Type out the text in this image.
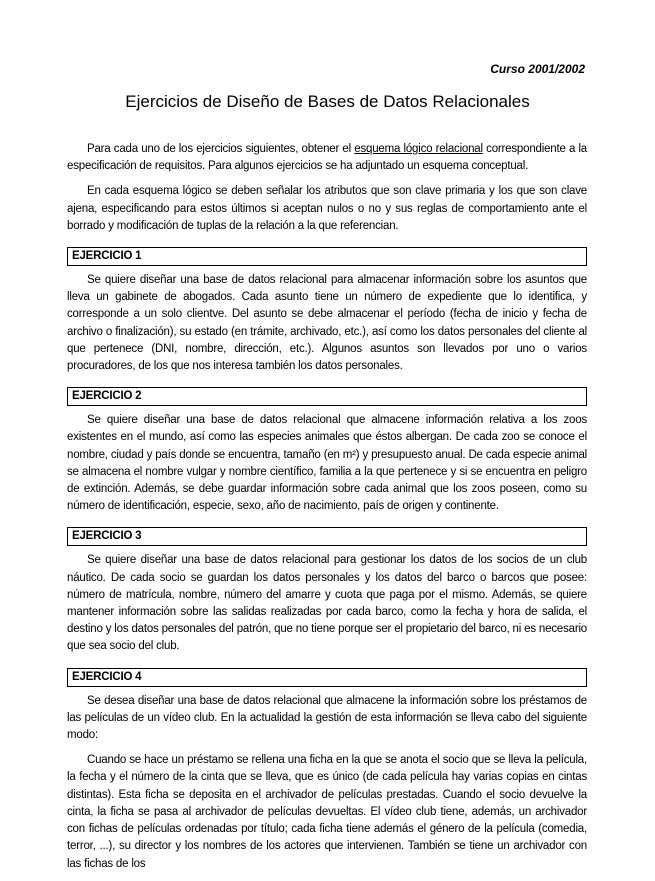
Curso 2001/2002
Ejercicios de Diseño de Bases de Datos Relacionales

Para cada uno de los ejercicios siguientes, obtener el esquema lógico relacional correspondiente a la especificación de requisitos. Para algunos ejercicios se ha adjuntado un esquema conceptual.

En cada esquema lógico se deben señalar los atributos que son clave primaria y los que son clave ajena, especificando para estos últimos si aceptan nulos o no y sus reglas de comportamiento ante el borrado y modificación de tuplas de la relación a la que referencian.

EJERCICIO 1

Se quiere diseñar una base de datos relacional para almacenar información sobre los asuntos que lleva un gabinete de abogados. Cada asunto tiene un número de expediente que lo identifica, y corresponde a un solo clientve. Del asunto se debe almacenar el período (fecha de inicio y fecha de archivo o finalización), su estado (en trámite, archivado, etc.), así como los datos personales del cliente al que pertenece (DNI, nombre, dirección, etc.). Algunos asuntos son llevados por uno o varios procuradores, de los que nos interesa también los datos personales.

EJERCICIO 2

Se quiere diseñar una base de datos relacional que almacene información relativa a los zoos existentes en el mundo, así como las especies animales que éstos albergan. De cada zoo se conoce el nombre, ciudad y país donde se encuentra, tamaño (en m²) y presupuesto anual. De cada especie animal se almacena el nombre vulgar y nombre científico, familia a la que pertenece y si se encuentra en peligro de extinción. Además, se debe guardar información sobre cada animal que los zoos poseen, como su número de identificación, especie, sexo, año de nacimiento, país de origen y continente.

EJERCICIO 3

Se quiere diseñar una base de datos relacional para gestionar los datos de los socios de un club náutico. De cada socio se guardan los datos personales y los datos del barco o barcos que posee: número de matrícula, nombre, número del amarre y cuota que paga por el mismo. Además, se quiere mantener información sobre las salidas realizadas por cada barco, como la fecha y hora de salida, el destino y los datos personales del patrón, que no tiene porque ser el propietario del barco, ni es necesario que sea socio del club.

EJERCICIO 4

Se desea diseñar una base de datos relacional que almacene la información sobre los préstamos de las películas de un vídeo club. En la actualidad la gestión de esta información se lleva cabo del siguiente modo:

Cuando se hace un préstamo se rellena una ficha en la que se anota el socio que se lleva la película, la fecha y el número de la cinta que se lleva, que es único (de cada película hay varias copias en cintas distintas). Esta ficha se deposita en el archivador de películas prestadas. Cuando el socio devuelve la cinta, la ficha se pasa al archivador de películas devueltas. El vídeo club tiene, además, un archivador con fichas de películas ordenadas por título; cada ficha tiene además el género de la película (comedia, terror, ...), su director y los nombres de los actores que intervienen. También se tiene un archivador con las fichas de los
